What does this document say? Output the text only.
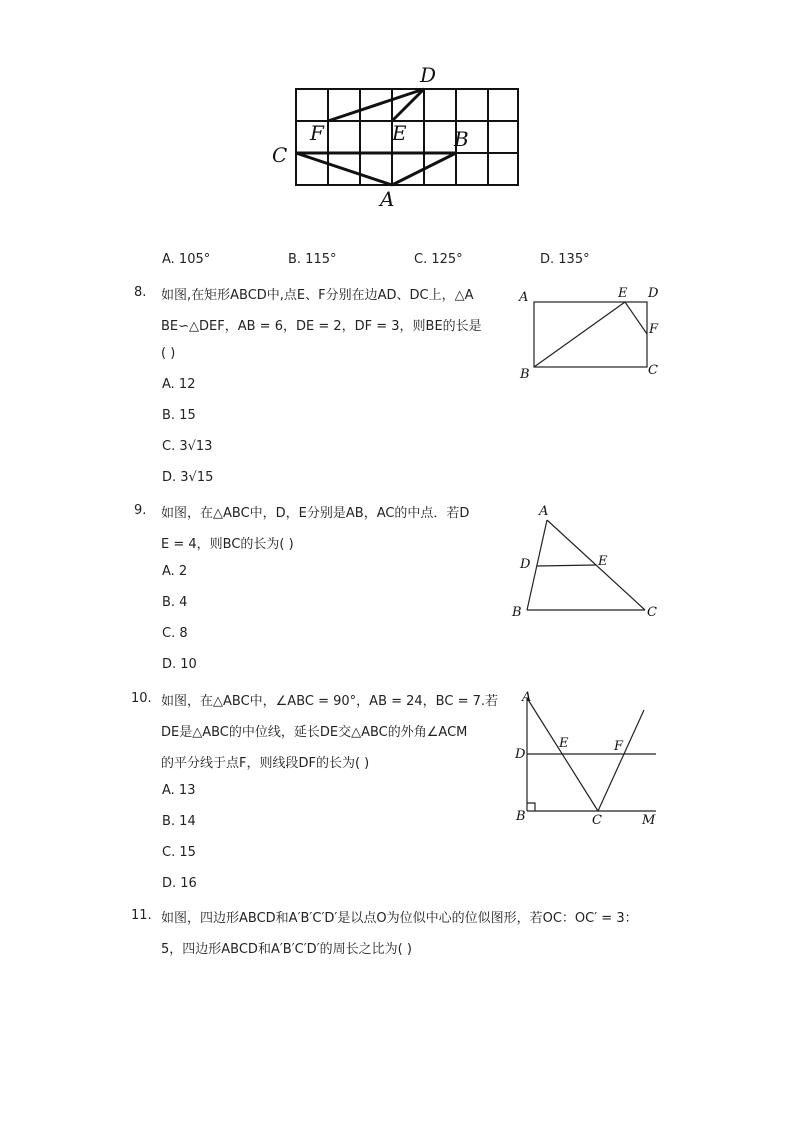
D
F	E B
C
A
A. 105°	B. 115°	C. 125°	D. 135°
8. 如图,在矩形ABCD中,点E、F分别在边AD、DC上，△A
BE∽△DEF，AB = 6，DE = 2，DF = 3，则BE的长是
( )
A. 12
B. 15
C. 3√13
D. 3√15
A	E D
F
B	C
9. 如图，在△ABC中，D，E分别是AB，AC的中点．若D
E = 4，则BC的长为( )
A. 2
B. 4
C. 8
D. 10
A
D	E
B	C
10. 如图，在△ABC中，∠ABC = 90°，AB = 24，BC = 7.若
DE是△ABC的中位线，延长DE交△ABC的外角∠ACM
的平分线于点F，则线段DF的长为( )
A. 13
B. 14
C. 15
D. 16
A
E	F
D
B	C	M
11. 如图，四边形ABCD和A′B′C′D′是以点O为位似中心的位似图形，若OC：OC′ = 3：
5，四边形ABCD和A′B′C′D′的周长之比为( )
